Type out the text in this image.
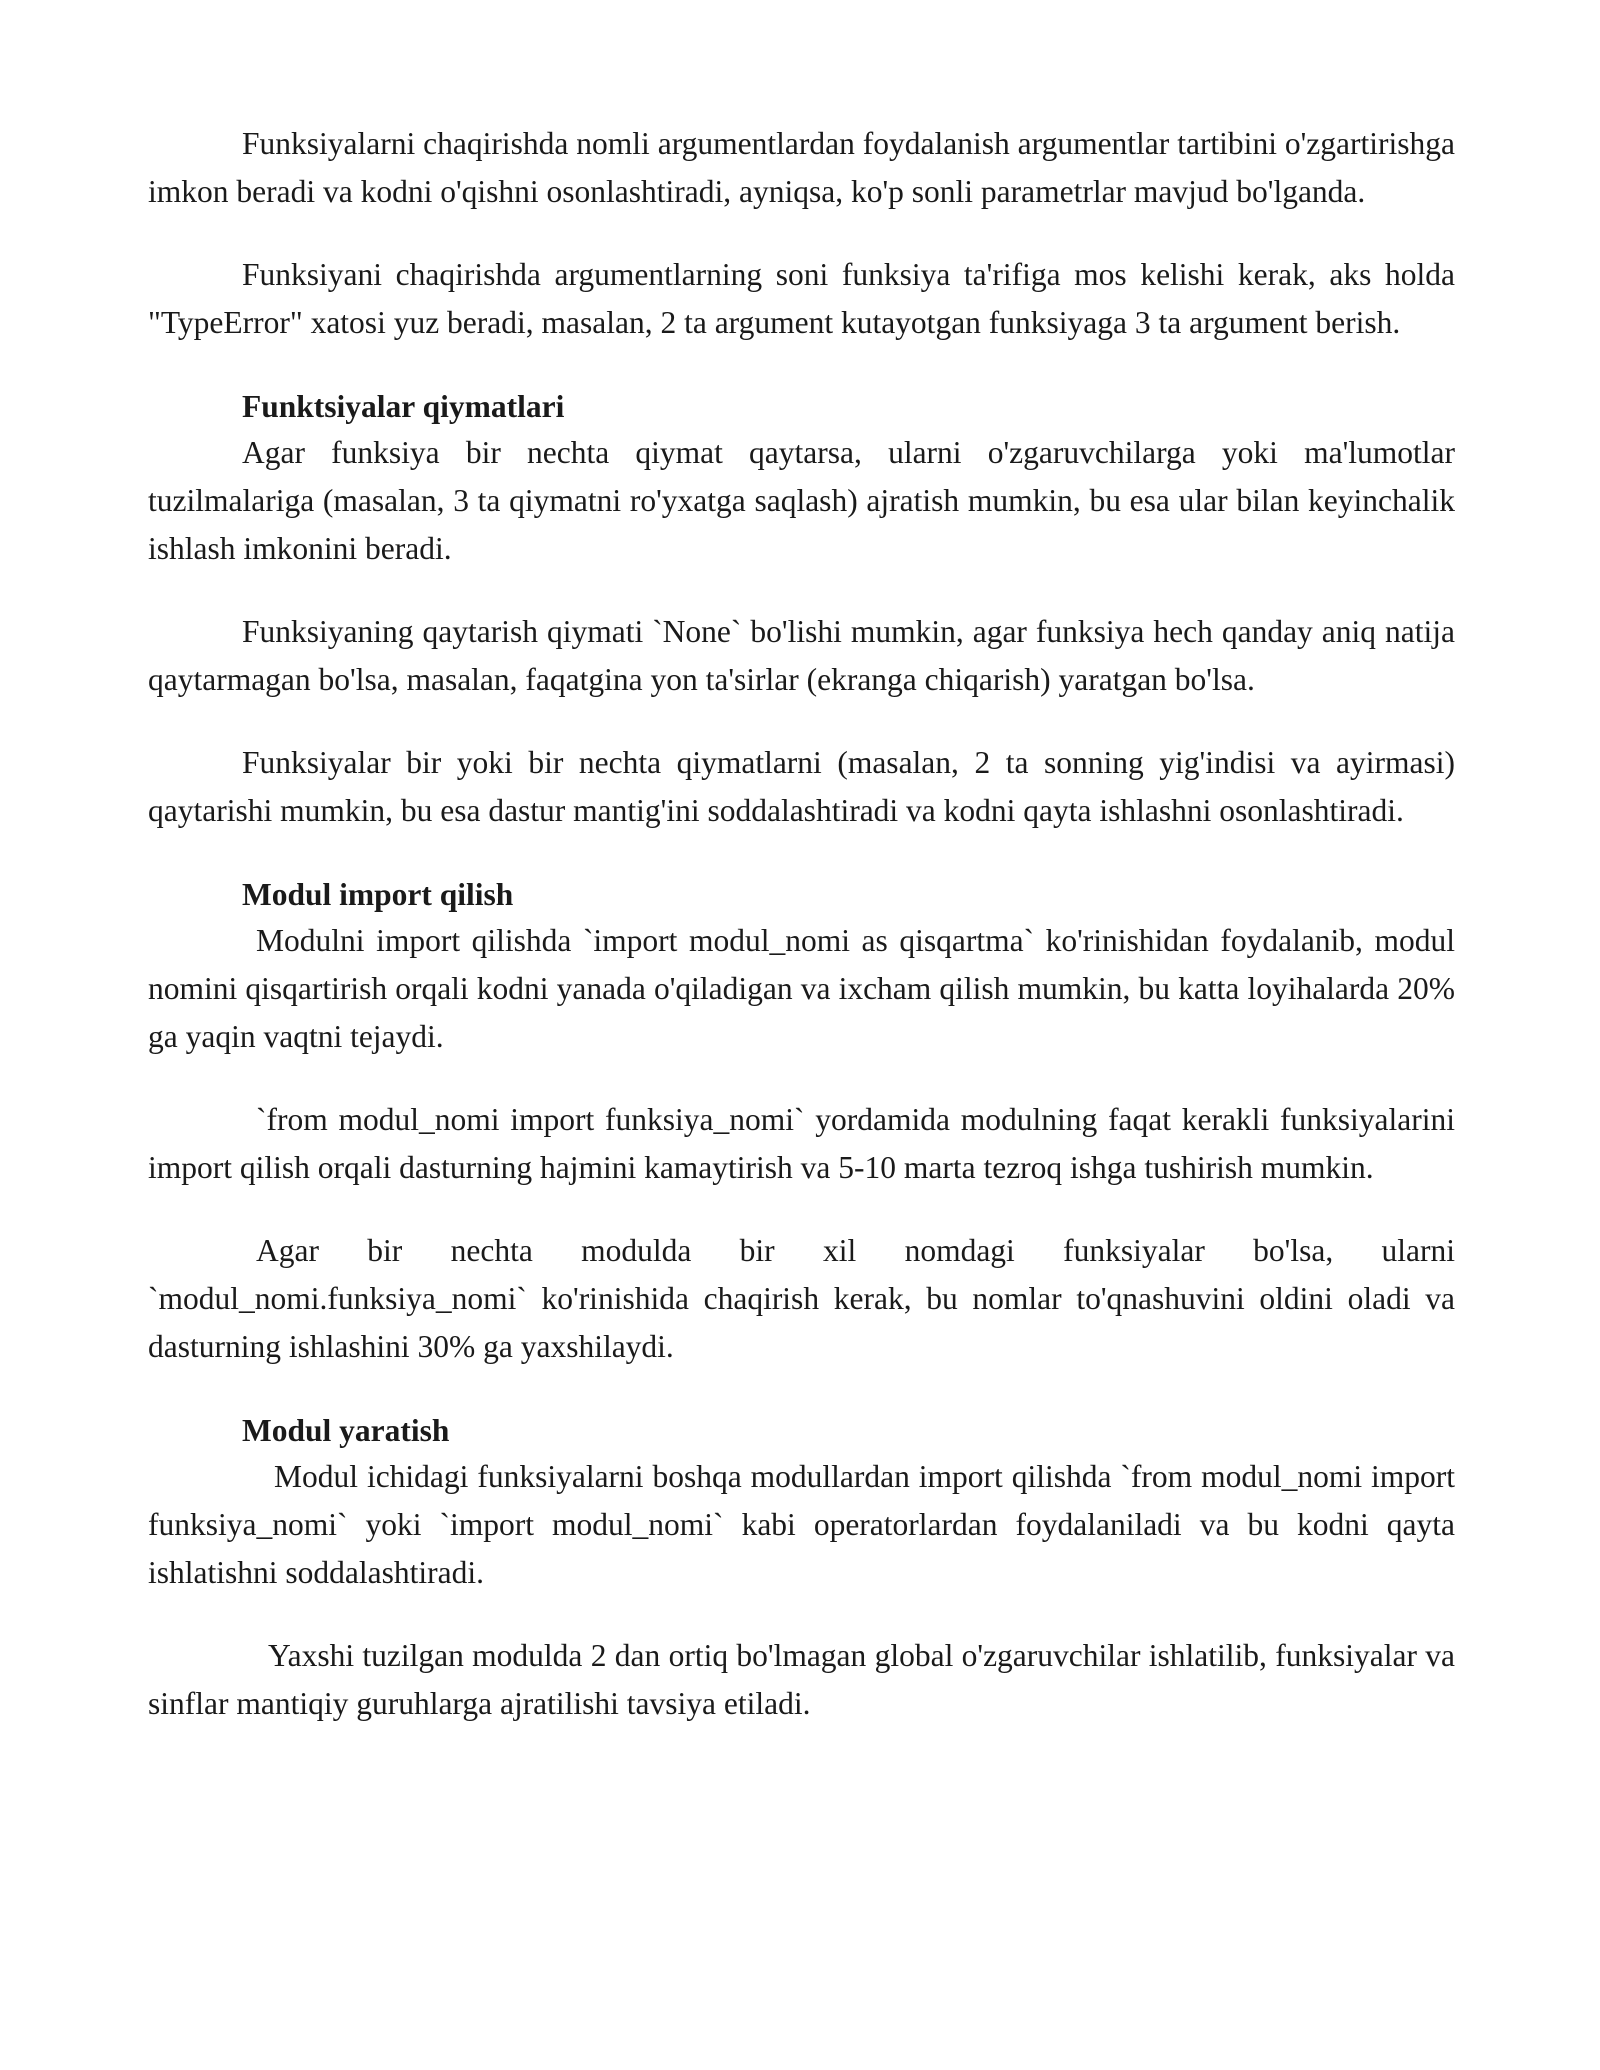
Funksiyalarni chaqirishda nomli argumentlardan foydalanish argumentlar tartibini o'zgartirishga imkon beradi va kodni o'qishni osonlashtiradi, ayniqsa, ko'p sonli parametrlar mavjud bo'lganda.

Funksiyani chaqirishda argumentlarning soni funksiya ta'rifiga mos kelishi kerak, aks holda "TypeError" xatosi yuz beradi, masalan, 2 ta argument kutayotgan funksiyaga 3 ta argument berish.

Funktsiyalar qiymatlari

Agar funksiya bir nechta qiymat qaytarsa, ularni o'zgaruvchilarga yoki ma'lumotlar tuzilmalariga (masalan, 3 ta qiymatni ro'yxatga saqlash) ajratish mumkin, bu esa ular bilan keyinchalik ishlash imkonini beradi.

Funksiyaning qaytarish qiymati `None` bo'lishi mumkin, agar funksiya hech qanday aniq natija qaytarmagan bo'lsa, masalan, faqatgina yon ta'sirlar (ekranga chiqarish) yaratgan bo'lsa.

Funksiyalar bir yoki bir nechta qiymatlarni (masalan, 2 ta sonning yig'indisi va ayirmasi) qaytarishi mumkin, bu esa dastur mantig'ini soddalashtiradi va kodni qayta ishlashni osonlashtiradi.

Modul import qilish

Modulni import qilishda `import modul_nomi as qisqartma` ko'rinishidan foydalanib, modul nomini qisqartirish orqali kodni yanada o'qiladigan va ixcham qilish mumkin, bu katta loyihalarda 20% ga yaqin vaqtni tejaydi.

`from modul_nomi import funksiya_nomi` yordamida modulning faqat kerakli funksiyalarini import qilish orqali dasturning hajmini kamaytirish va 5-10 marta tezroq ishga tushirish mumkin.

Agar bir nechta modulda bir xil nomdagi funksiyalar bo'lsa, ularni `modul_nomi.funksiya_nomi` ko'rinishida chaqirish kerak, bu nomlar to'qnashuvini oldini oladi va dasturning ishlashini 30% ga yaxshilaydi.

Modul yaratish

Modul ichidagi funksiyalarni boshqa modullardan import qilishda `from modul_nomi import funksiya_nomi` yoki `import modul_nomi` kabi operatorlardan foydalaniladi va bu kodni qayta ishlatishni soddalashtiradi.

Yaxshi tuzilgan modulda 2 dan ortiq bo'lmagan global o'zgaruvchilar ishlatilib, funksiyalar va sinflar mantiqiy guruhlarga ajratilishi tavsiya etiladi.
